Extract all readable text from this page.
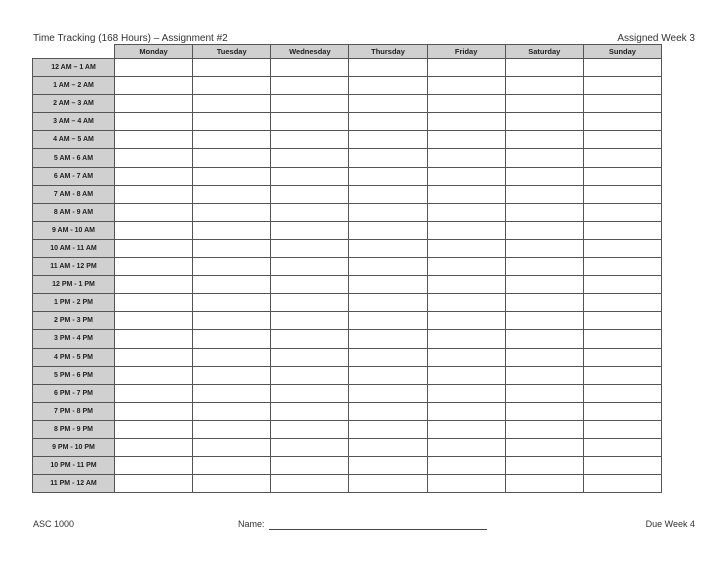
Time Tracking (168 Hours) – Assignment #2	Assigned Week 3
	Monday	Tuesday	Wednesday	Thursday	Friday	Saturday	Sunday
12 AM – 1 AM							
1 AM – 2 AM							
2 AM – 3 AM							
3 AM – 4 AM							
4 AM – 5 AM							
5 AM - 6 AM							
6 AM - 7 AM							
7 AM - 8 AM							
8 AM - 9 AM							
9 AM - 10 AM							
10 AM - 11 AM							
11 AM - 12 PM							
12 PM - 1 PM							
1 PM - 2 PM							
2 PM - 3 PM							
3 PM - 4 PM							
4 PM - 5 PM							
5 PM - 6 PM							
6 PM - 7 PM							
7 PM - 8 PM							
8 PM - 9 PM							
9 PM - 10 PM							
10 PM - 11 PM							
11 PM - 12 AM							
ASC 1000	Name:	Due Week 4
